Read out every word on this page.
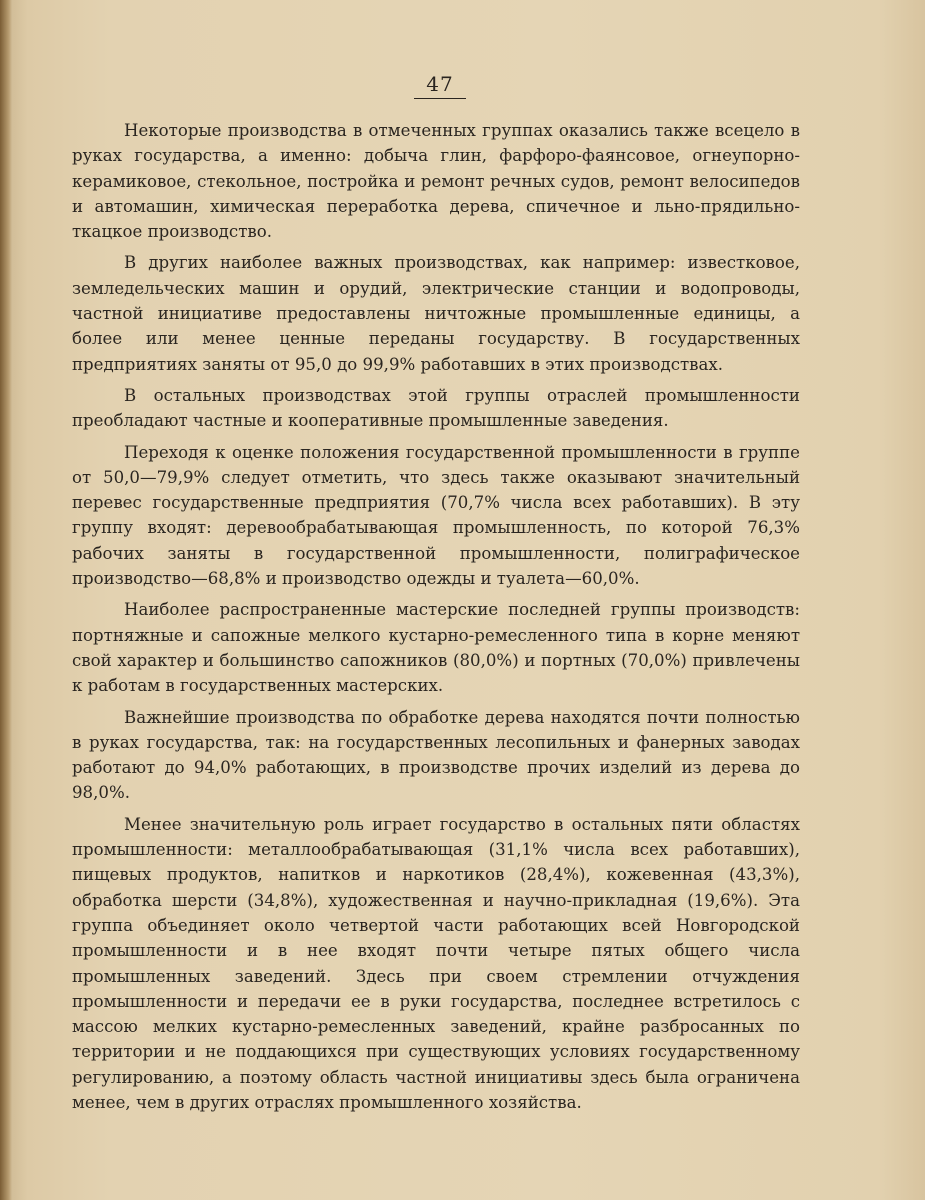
47

Некоторые производства в отмеченных группах оказались также всецело в руках государства, а именно: добыча глин, фарфоро-фаянсовое, огнеупорно-керамиковое, стекольное, постройка и ремонт речных судов, ремонт велосипедов и автомашин, химическая переработка дерева, спичечное и льно-прядильно-ткацкое производство.

В других наиболее важных производствах, как например: известковое, земледельческих машин и орудий, электрические станции и водопроводы, частной инициативе предоставлены ничтожные промышленные единицы, а более или менее ценные переданы государству. В государственных предприятиях заняты от 95,0 до 99,9% работавших в этих производствах.

В остальных производствах этой группы отраслей промышленности преобладают частные и кооперативные промышленные заведения.

Переходя к оценке положения государственной промышленности в группе от 50,0—79,9% следует отметить, что здесь также оказывают значительный перевес государственные предприятия (70,7% числа всех работавших). В эту группу входят: деревообрабатывающая промышленность, по которой 76,3% рабочих заняты в государственной промышленности, полиграфическое производство—68,8% и производство одежды и туалета—60,0%.

Наиболее распространенные мастерские последней группы производств: портняжные и сапожные мелкого кустарно-ремесленного типа в корне меняют свой характер и большинство сапожников (80,0%) и портных (70,0%) привлечены к работам в государственных мастерских.

Важнейшие производства по обработке дерева находятся почти полностью в руках государства, так: на государственных лесопильных и фанерных заводах работают до 94,0% работающих, в производстве прочих изделий из дерева до 98,0%.

Менее значительную роль играет государство в остальных пяти областях промышленности: металлообрабатывающая (31,1% числа всех работавших), пищевых продуктов, напитков и наркотиков (28,4%), кожевенная (43,3%), обработка шерсти (34,8%), художественная и научно-прикладная (19,6%). Эта группа объединяет около четвертой части работающих всей Новгородской промышленности и в нее входят почти четыре пятых общего числа промышленных заведений. Здесь при своем стремлении отчуждения промышленности и передачи ее в руки государства, последнее встретилось с массою мелких кустарно-ремесленных заведений, крайне разбросанных по территории и не поддающихся при существующих условиях государственному регулированию, а поэтому область частной инициативы здесь была ограничена менее, чем в других отраслях промышленного хозяйства.
